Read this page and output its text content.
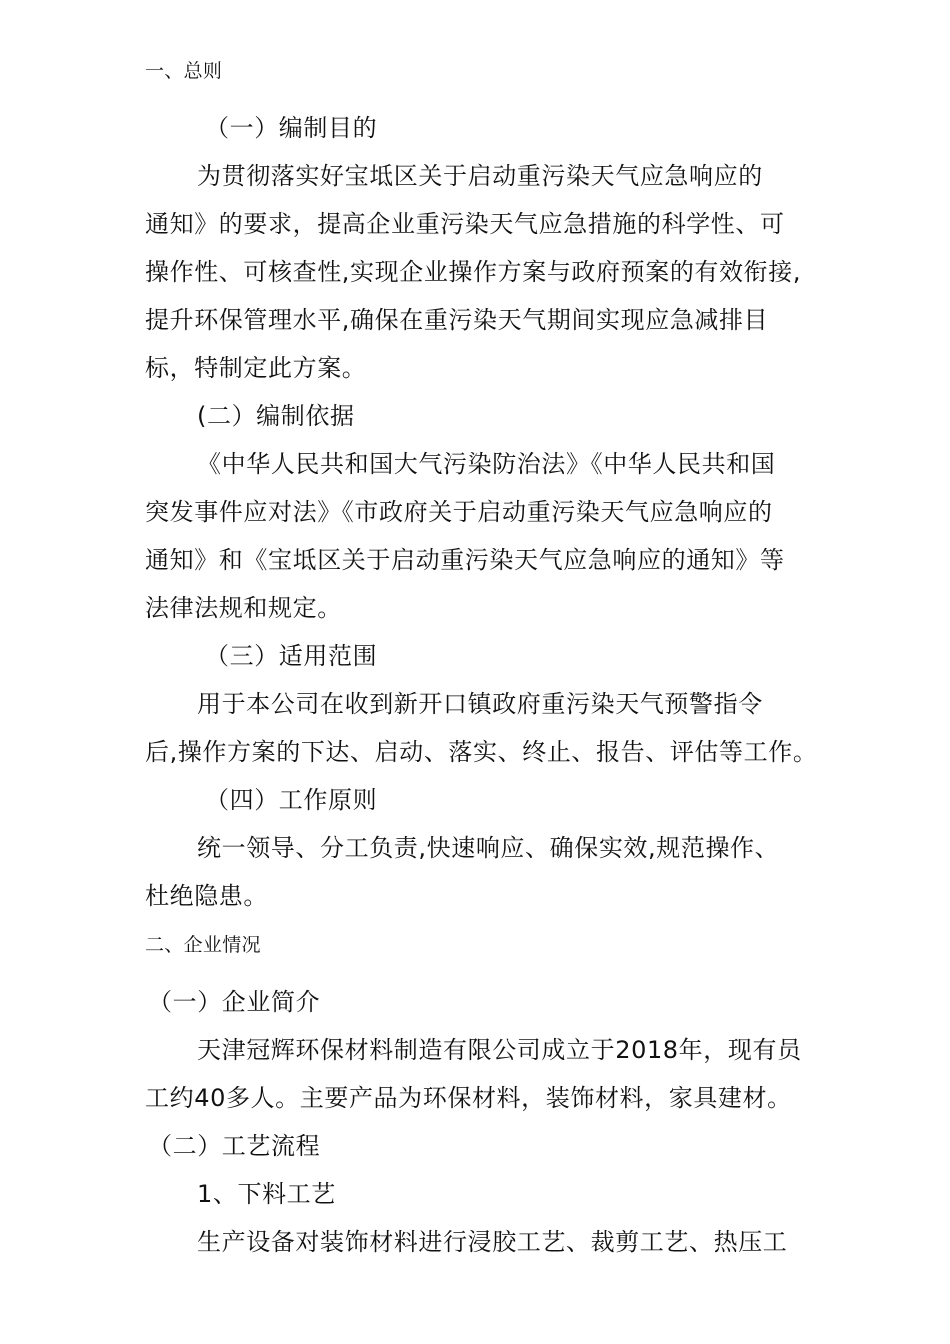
一、总则
（一）编制目的
为贯彻落实好宝坻区关于启动重污染天气应急响应的
通知》的要求，提高企业重污染天气应急措施的科学性、可
操作性、可核查性,实现企业操作方案与政府预案的有效衔接,
提升环保管理水平,确保在重污染天气期间实现应急减排目
标，特制定此方案。
(二）编制依据
《中华人民共和国大气污染防治法》《中华人民共和国
突发事件应对法》《市政府关于启动重污染天气应急响应的
通知》和《宝坻区关于启动重污染天气应急响应的通知》等
法律法规和规定。
（三）适用范围
用于本公司在收到新开口镇政府重污染天气预警指令
后,操作方案的下达、启动、落实、终止、报告、评估等工作。
（四）工作原则
统一领导、分工负责,快速响应、确保实效,规范操作、
杜绝隐患。
二、企业情况
（一）企业简介
天津冠辉环保材料制造有限公司成立于2018年，现有员
工约40多人。主要产品为环保材料，装饰材料，家具建材。
（二）工艺流程
1、下料工艺
生产设备对装饰材料进行浸胶工艺、裁剪工艺、热压工
